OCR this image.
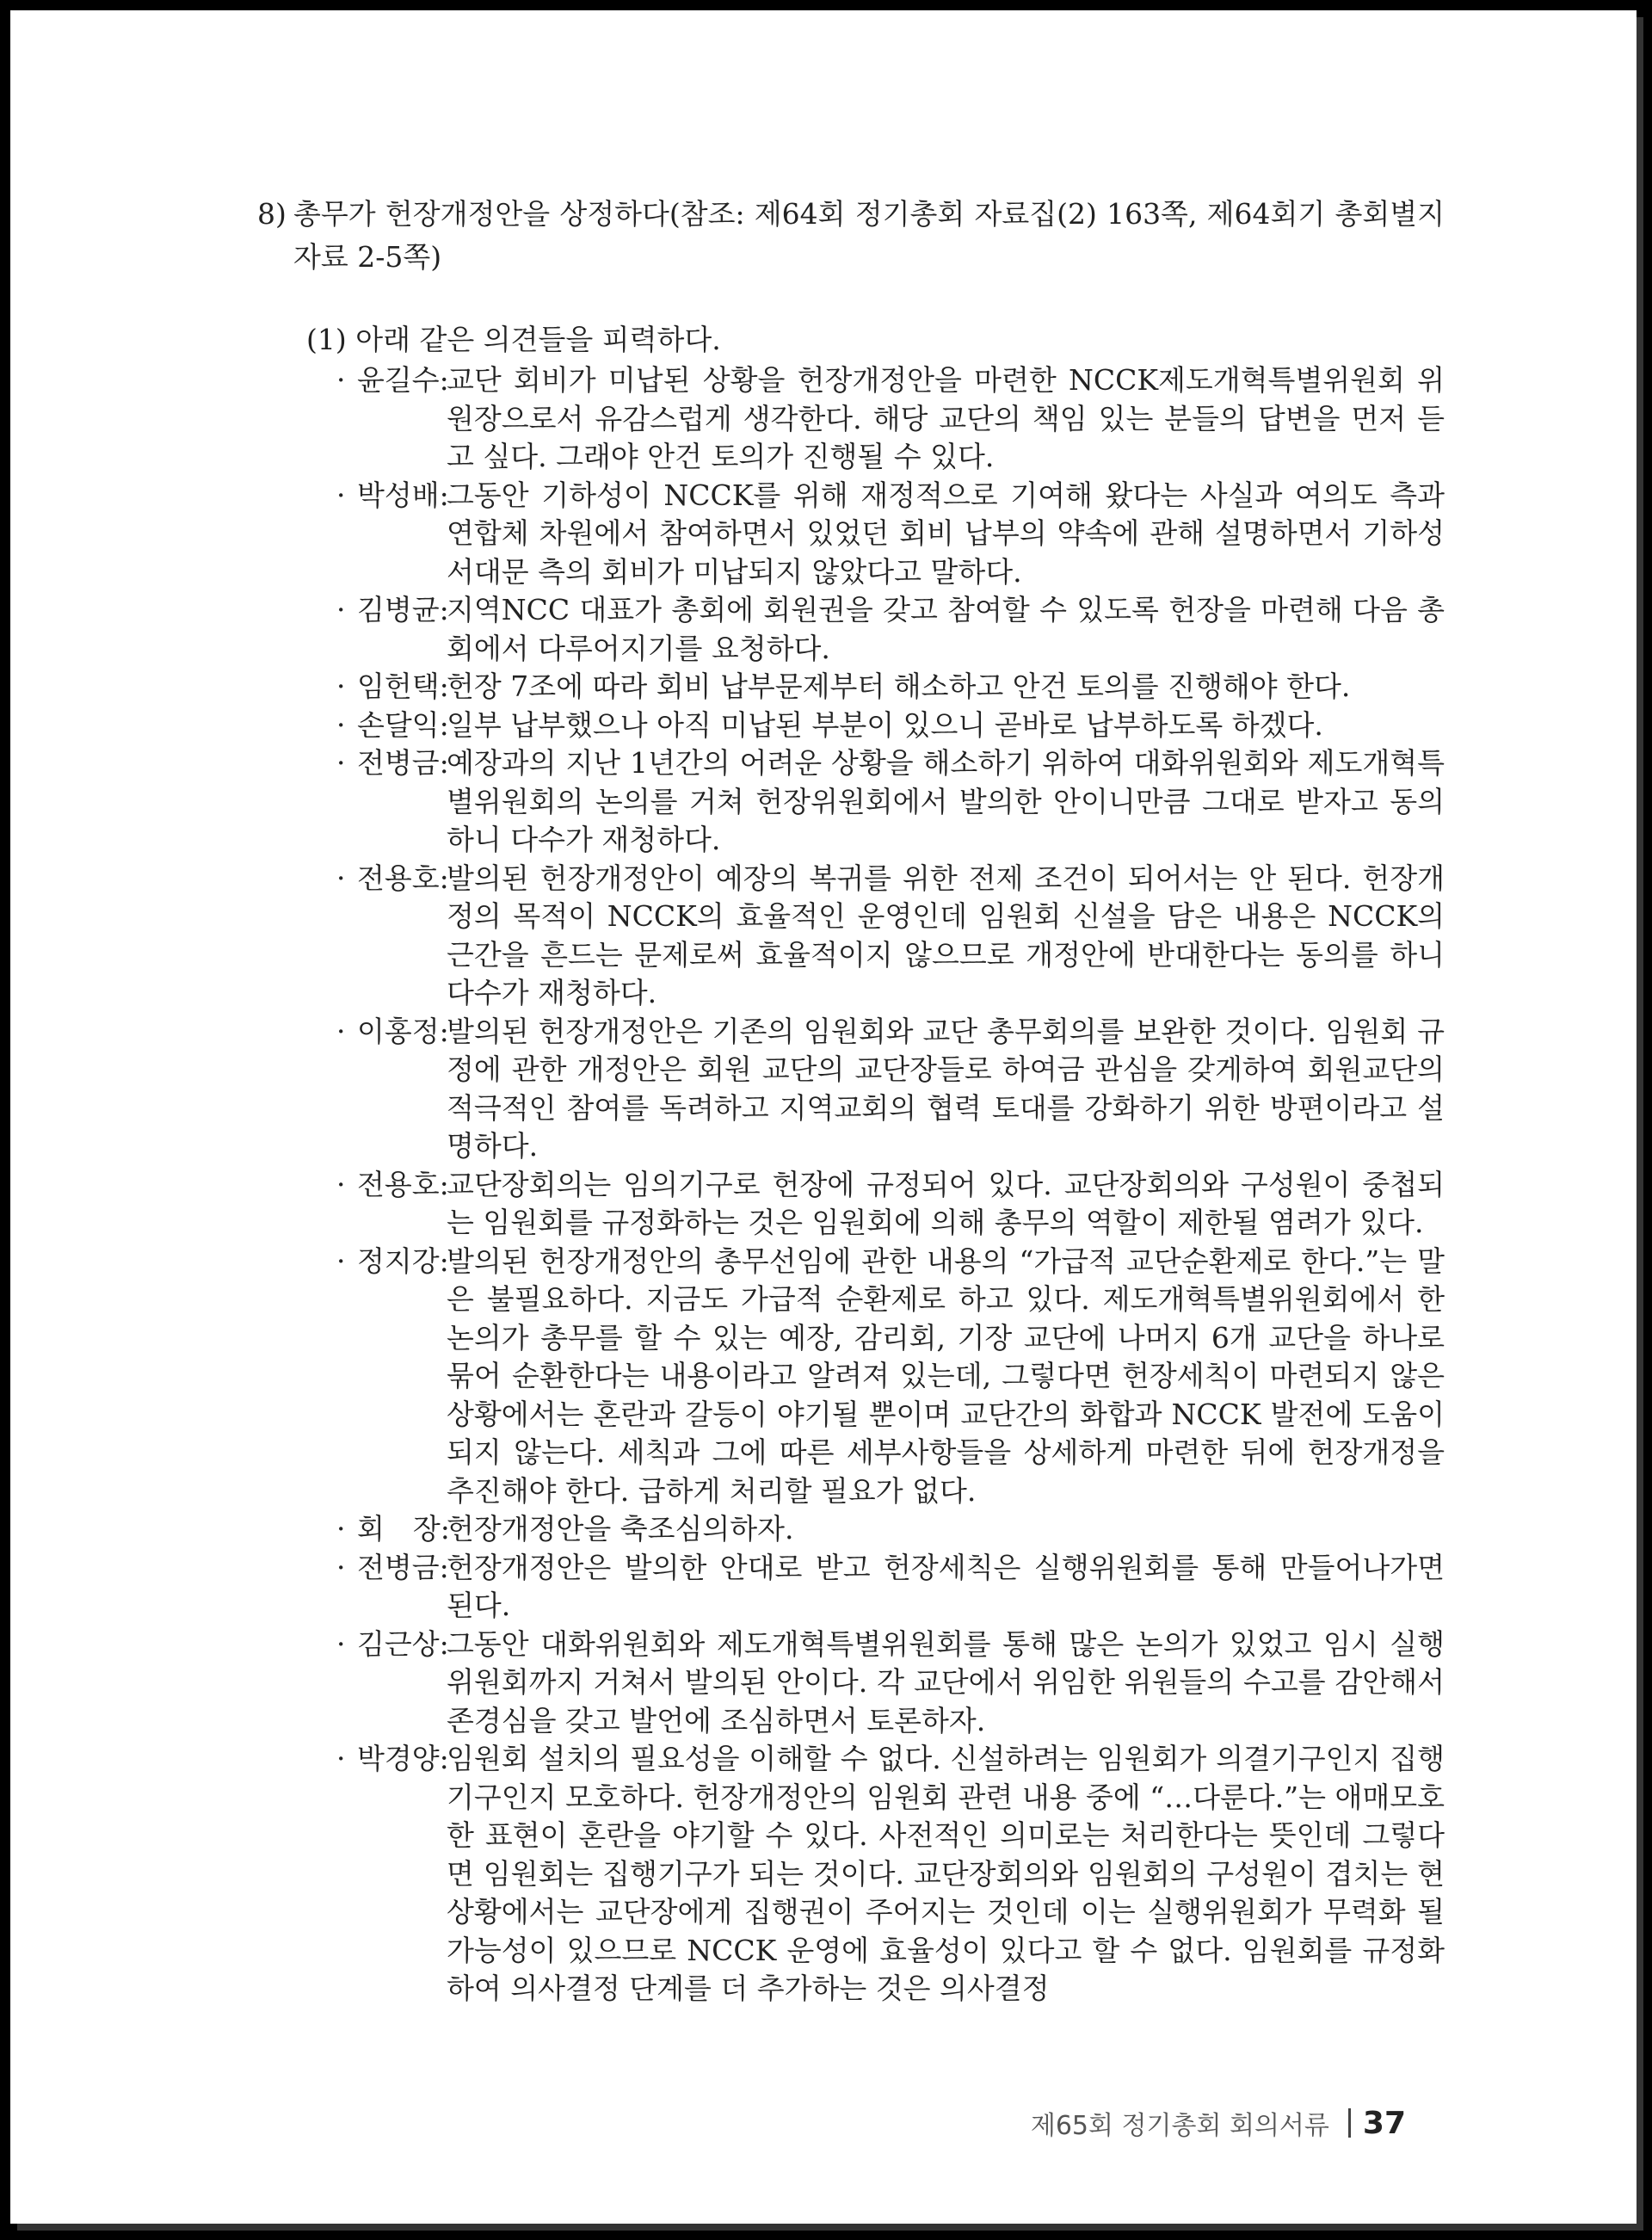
8) 총무가 헌장개정안을 상정하다(참조: 제64회 정기총회 자료집(2) 163쪽, 제64회기 총회별지자료 2-5쪽)
(1) 아래 같은 의견들을 피력하다.
· 윤길수:
교단 회비가 미납된 상황을 헌장개정안을 마련한 NCCK제도개혁특별위원회 위원장으로서 유감스럽게 생각한다. 해당 교단의 책임 있는 분들의 답변을 먼저 듣고 싶다. 그래야 안건 토의가 진행될 수 있다.
· 박성배:
그동안 기하성이 NCCK를 위해 재정적으로 기여해 왔다는 사실과 여의도 측과 연합체 차원에서 참여하면서 있었던 회비 납부의 약속에 관해 설명하면서 기하성 서대문 측의 회비가 미납되지 않았다고 말하다.
· 김병균:
지역NCC 대표가 총회에 회원권을 갖고 참여할 수 있도록 헌장을 마련해 다음 총회에서 다루어지기를 요청하다.
· 임헌택:
헌장 7조에 따라 회비 납부문제부터 해소하고 안건 토의를 진행해야 한다.
· 손달익:
일부 납부했으나 아직 미납된 부분이 있으니 곧바로 납부하도록 하겠다.
· 전병금:
예장과의 지난 1년간의 어려운 상황을 해소하기 위하여 대화위원회와 제도개혁특별위원회의 논의를 거쳐 헌장위원회에서 발의한 안이니만큼 그대로 받자고 동의하니 다수가 재청하다.
· 전용호:
발의된 헌장개정안이 예장의 복귀를 위한 전제 조건이 되어서는 안 된다. 헌장개정의 목적이 NCCK의 효율적인 운영인데 임원회 신설을 담은 내용은 NCCK의 근간을 흔드는 문제로써 효율적이지 않으므로 개정안에 반대한다는 동의를 하니 다수가 재청하다.
· 이홍정:
발의된 헌장개정안은 기존의 임원회와 교단 총무회의를 보완한 것이다. 임원회 규정에 관한 개정안은 회원 교단의 교단장들로 하여금 관심을 갖게하여 회원교단의 적극적인 참여를 독려하고 지역교회의 협력 토대를 강화하기 위한 방편이라고 설명하다.
· 전용호:
교단장회의는 임의기구로 헌장에 규정되어 있다. 교단장회의와 구성원이 중첩되는 임원회를 규정화하는 것은 임원회에 의해 총무의 역할이 제한될 염려가 있다.
· 정지강:
발의된 헌장개정안의 총무선임에 관한 내용의 “가급적 교단순환제로 한다.”는 말은 불필요하다. 지금도 가급적 순환제로 하고 있다. 제도개혁특별위원회에서 한 논의가 총무를 할 수 있는 예장, 감리회, 기장 교단에 나머지 6개 교단을 하나로 묶어 순환한다는 내용이라고 알려져 있는데, 그렇다면 헌장세칙이 마련되지 않은 상황에서는 혼란과 갈등이 야기될 뿐이며 교단간의 화합과 NCCK 발전에 도움이 되지 않는다. 세칙과 그에 따른 세부사항들을 상세하게 마련한 뒤에 헌장개정을 추진해야 한다. 급하게 처리할 필요가 없다.
· 회　장:
헌장개정안을 축조심의하자.
· 전병금:
헌장개정안은 발의한 안대로 받고 헌장세칙은 실행위원회를 통해 만들어나가면 된다.
· 김근상:
그동안 대화위원회와 제도개혁특별위원회를 통해 많은 논의가 있었고 임시 실행위원회까지 거쳐서 발의된 안이다. 각 교단에서 위임한 위원들의 수고를 감안해서 존경심을 갖고 발언에 조심하면서 토론하자.
· 박경양:
임원회 설치의 필요성을 이해할 수 없다. 신설하려는 임원회가 의결기구인지 집행기구인지 모호하다. 헌장개정안의 임원회 관련 내용 중에 “…다룬다.”는 애매모호한 표현이 혼란을 야기할 수 있다. 사전적인 의미로는 처리한다는 뜻인데 그렇다면 임원회는 집행기구가 되는 것이다. 교단장회의와 임원회의 구성원이 겹치는 현 상황에서는 교단장에게 집행권이 주어지는 것인데 이는 실행위원회가 무력화 될 가능성이 있으므로 NCCK 운영에 효율성이 있다고 할 수 없다. 임원회를 규정화하여 의사결정 단계를 더 추가하는 것은 의사결정
제65회 정기총회 회의서류 37
